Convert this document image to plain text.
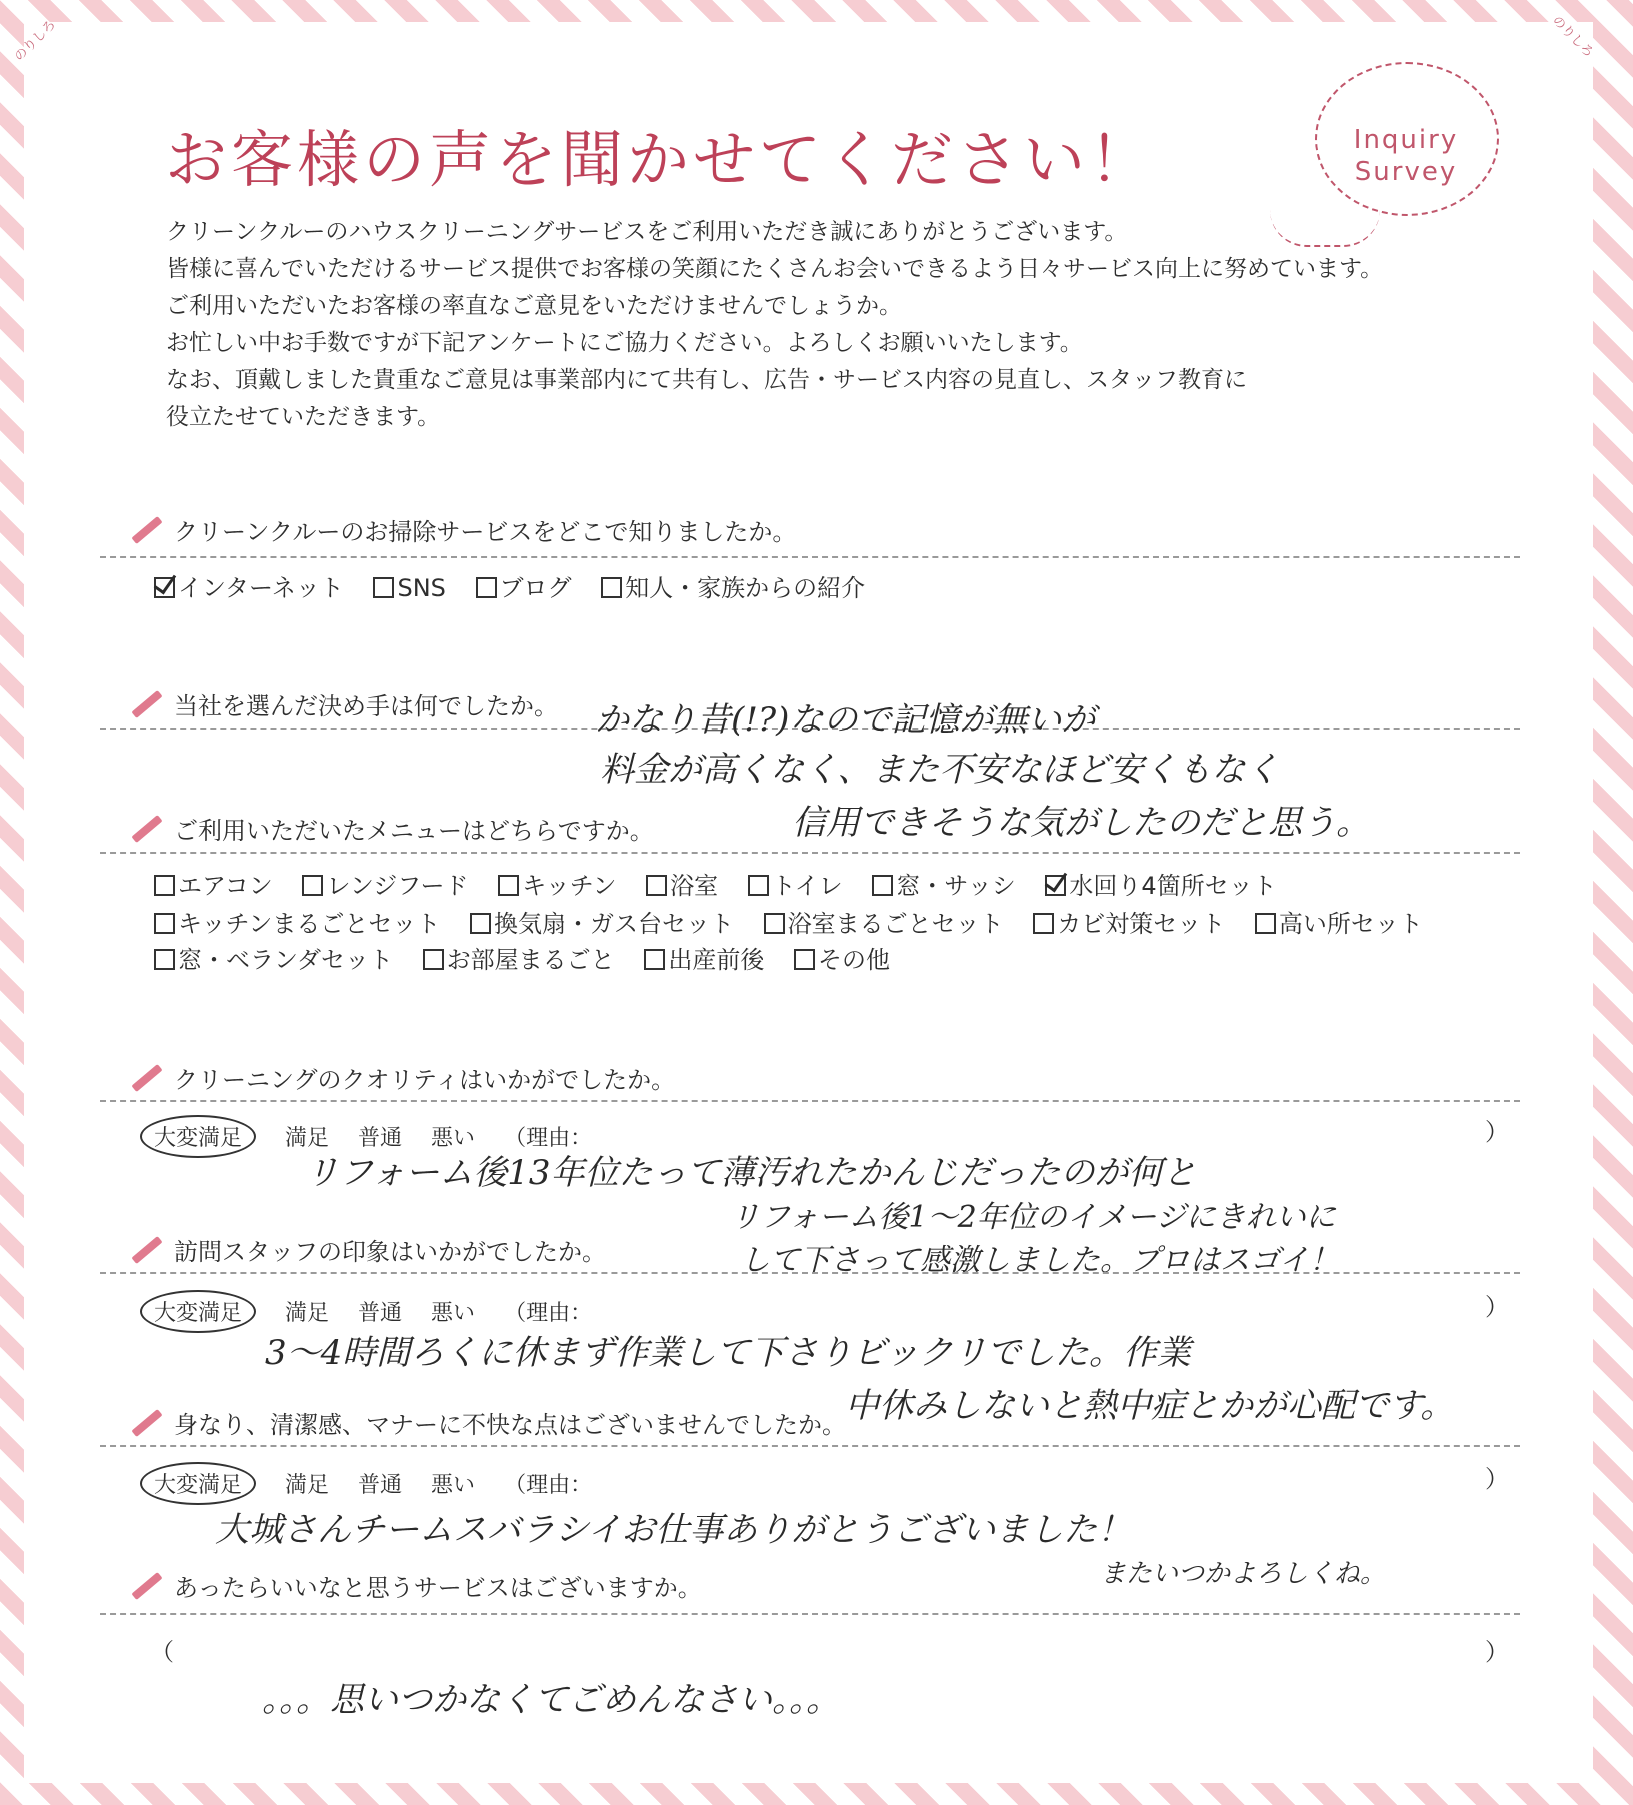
のりしろ	のりしろ
お客様の声を聞かせてください！	Inquiry
Survey
クリーンクルーのハウスクリーニングサービスをご利用いただき誠にありがとうございます。
皆様に喜んでいただけるサービス提供でお客様の笑顔にたくさんお会いできるよう日々サービス向上に努めています。
ご利用いただいたお客様の率直なご意見をいただけませんでしょうか。
お忙しい中お手数ですが下記アンケートにご協力ください。よろしくお願いいたします。
なお、頂戴しました貴重なご意見は事業部内にて共有し、広告・サービス内容の見直し、スタッフ教育に
役立たせていただきます。
クリーンクルーのお掃除サービスをどこで知りましたか。
インターネット SNS ブログ 知人・家族からの紹介
当社を選んだ決め手は何でしたか。 かなり昔(!?)なので記憶が無いが
料金が高くなく、また不安なほど安くもなく
信用できそうな気がしたのだと思う。
ご利用いただいたメニューはどちらですか。
エアコン レンジフード キッチン 浴室 トイレ 窓・サッシ 水回り4箇所セット
キッチンまるごとセット 換気扇・ガス台セット 浴室まるごとセット カビ対策セット 高い所セット
窓・ベランダセット お部屋まるごと 出産前後 その他
クリーニングのクオリティはいかがでしたか。
大変満足 満足 普通 悪い （理由：	）
リフォーム後13年位たって薄汚れたかんじだったのが何と
リフォーム後1〜2年位のイメージにきれいに
して下さって感激しました。プロはスゴイ！
訪問スタッフの印象はいかがでしたか。
大変満足 満足 普通 悪い （理由：	）
3〜4時間ろくに休まず作業して下さりビックリでした。作業
中休みしないと熱中症とかが心配です。
身なり、清潔感、マナーに不快な点はございませんでしたか。
大変満足 満足 普通 悪い （理由：	）
大城さんチームスバラシイお仕事ありがとうございました！
またいつかよろしくね。
あったらいいなと思うサービスはございますか。
（	）
。。。思いつかなくてごめんなさい。。。
